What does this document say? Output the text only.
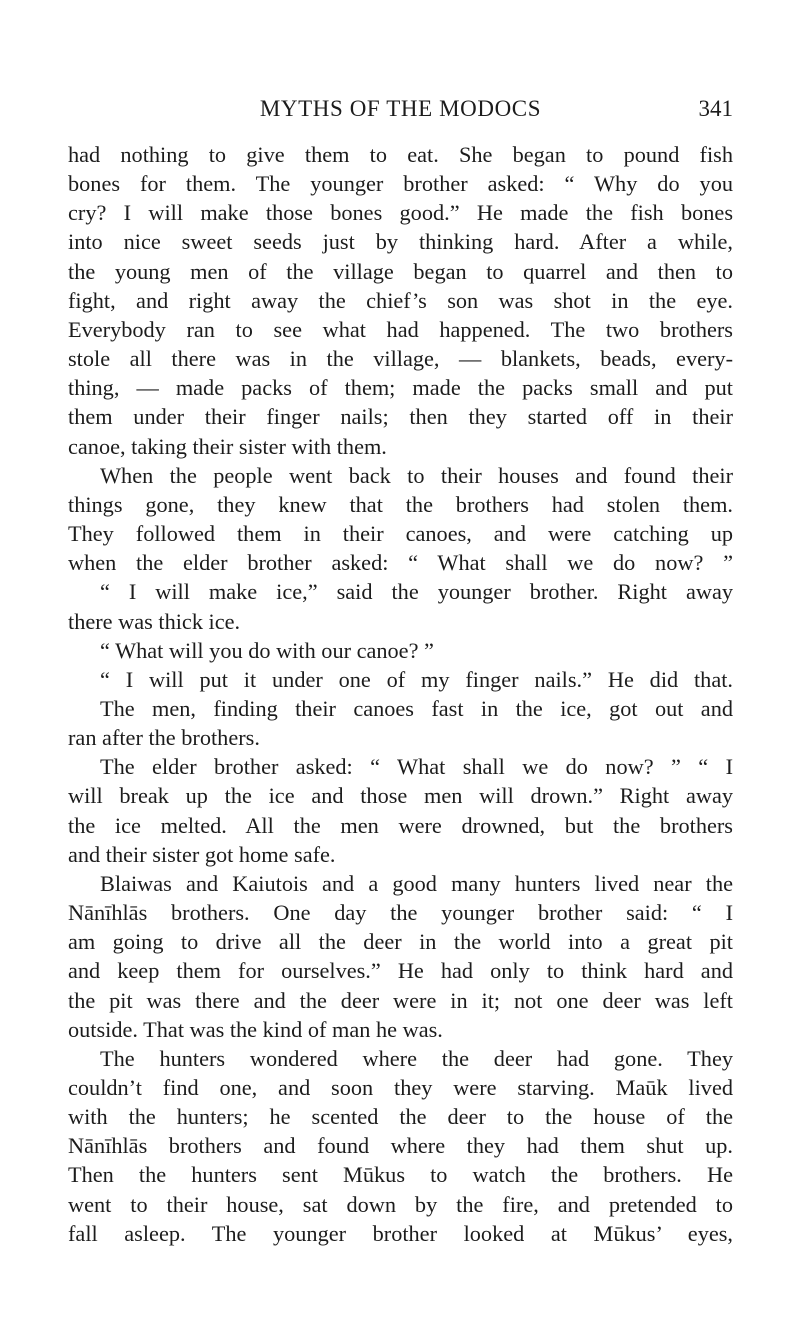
MYTHS OF THE MODOCS	341
had nothing to give them to eat. She began to pound fish
bones for them. The younger brother asked: “ Why do you
cry? I will make those bones good.” He made the fish bones
into nice sweet seeds just by thinking hard. After a while,
the young men of the village began to quarrel and then to
fight, and right away the chief’s son was shot in the eye.
Everybody ran to see what had happened. The two brothers
stole all there was in the village, — blankets, beads, every-
thing, — made packs of them; made the packs small and put
them under their finger nails; then they started off in their
canoe, taking their sister with them.
When the people went back to their houses and found their
things gone, they knew that the brothers had stolen them.
They followed them in their canoes, and were catching up
when the elder brother asked: “ What shall we do now? ”
“ I will make ice,” said the younger brother. Right away
there was thick ice.
“ What will you do with our canoe? ”
“ I will put it under one of my finger nails.” He did that.
The men, finding their canoes fast in the ice, got out and
ran after the brothers.
The elder brother asked: “ What shall we do now? ” “ I
will break up the ice and those men will drown.” Right away
the ice melted. All the men were drowned, but the brothers
and their sister got home safe.
Blaiwas and Kaiutois and a good many hunters lived near the
Nānīhlās brothers. One day the younger brother said: “ I
am going to drive all the deer in the world into a great pit
and keep them for ourselves.” He had only to think hard and
the pit was there and the deer were in it; not one deer was left
outside. That was the kind of man he was.
The hunters wondered where the deer had gone. They
couldn’t find one, and soon they were starving. Maūk lived
with the hunters; he scented the deer to the house of the
Nānīhlās brothers and found where they had them shut up.
Then the hunters sent Mūkus to watch the brothers. He
went to their house, sat down by the fire, and pretended to
fall asleep. The younger brother looked at Mūkus’ eyes,
